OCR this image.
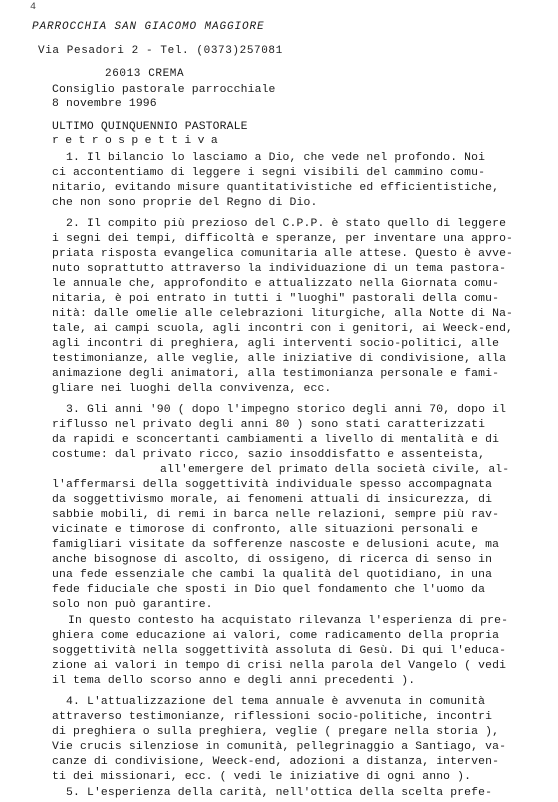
4
PARROCCHIA SAN GIACOMO MAGGIORE
Via Pesadori 2 - Tel. (0373)257081
26013 CREMA
Consiglio pastorale parrocchiale
8 novembre 1996
ULTIMO QUINQUENNIO PASTORALE
retrospettiva
1. Il bilancio lo lasciamo a Dio, che vede nel profondo. Noi
ci accontentiamo di leggere i segni visibili del cammino comu-
nitario, evitando misure quantitativistiche ed efficientistiche,
che non sono proprie del Regno di Dio.
2. Il compito più prezioso del C.P.P. è stato quello di leggere
i segni dei tempi, difficoltà e speranze, per inventare una appro-
priata risposta evangelica comunitaria alle attese. Questo è avve-
nuto soprattutto attraverso la individuazione di un tema pastora-
le annuale che, approfondito e attualizzato nella Giornata comu-
nitaria, è poi entrato in tutti i "luoghi" pastorali della comu-
nità: dalle omelie alle celebrazioni liturgiche, alla Notte di Na-
tale, ai campi scuola, agli incontri con i genitori, ai Weeck-end,
agli incontri di preghiera, agli interventi socio-politici, alle
testimonianze, alle veglie, alle iniziative di condivisione, alla
animazione degli animatori, alla testimonianza personale e fami-
gliare nei luoghi della convivenza, ecc.
3. Gli anni '90 ( dopo l'impegno storico degli anni 70, dopo il
riflusso nel privato degli anni 80 ) sono stati caratterizzati
da rapidi e sconcertanti cambiamenti a livello di mentalità e di
costume: dal privato ricco, sazio insoddisfatto e assenteista,
all'emergere del primato della società civile, al-
l'affermarsi della soggettività individuale spesso accompagnata
da soggettivismo morale, ai fenomeni attuali di insicurezza, di
sabbie mobili, di remi in barca nelle relazioni, sempre più rav-
vicinate e timorose di confronto, alle situazioni personali e
famigliari visitate da sofferenze nascoste e delusioni acute, ma
anche bisognose di ascolto, di ossigeno, di ricerca di senso in
una fede essenziale che cambi la qualità del quotidiano, in una
fede fiduciale che sposti in Dio quel fondamento che l'uomo da
solo non può garantire.
In questo contesto ha acquistato rilevanza l'esperienza di pre-
ghiera come educazione ai valori, come radicamento della propria
soggettività nella soggettività assoluta di Gesù. Di qui l'educa-
zione ai valori in tempo di crisi nella parola del Vangelo ( vedi
il tema dello scorso anno e degli anni precedenti ).
4. L'attualizzazione del tema annuale è avvenuta in comunità
attraverso testimonianze, riflessioni socio-politiche, incontri
di preghiera o sulla preghiera, veglie ( pregare nella storia ),
Vie crucis silenziose in comunità, pellegrinaggio a Santiago, va-
canze di condivisione, Weeck-end, adozioni a distanza, interven-
ti dei missionari, ecc. ( vedi le iniziative di ogni anno ).
5. L'esperienza della carità, nell'ottica della scelta prefe-
